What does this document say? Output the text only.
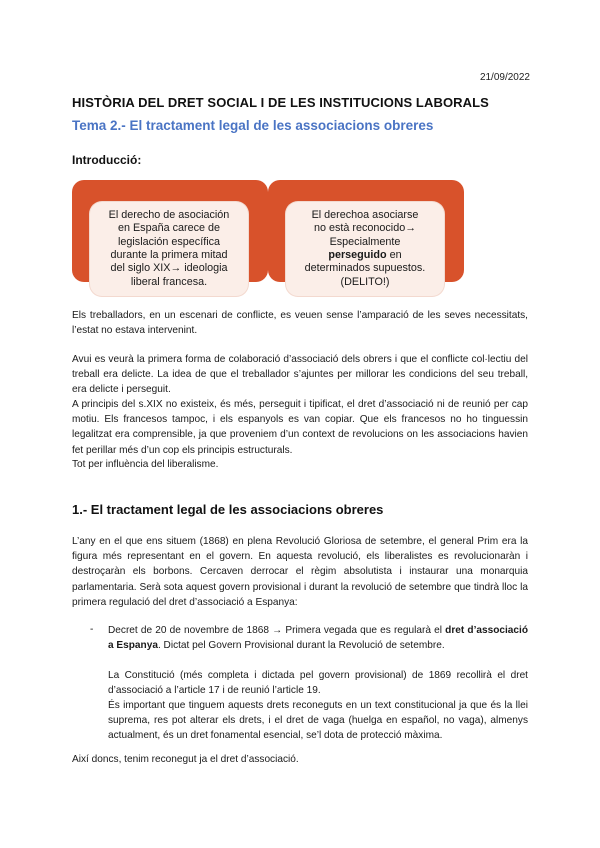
21/09/2022
HISTÒRIA DEL DRET SOCIAL I DE LES INSTITUCIONS LABORALS
Tema 2.- El tractament legal de les associacions obreres
Introducció:

El derecho de asociación
en España carece de
legislación específica
durante la primera mitad
del siglo XIX→ ideologia
liberal francesa.

El derechoa asociarse
no està reconocido→
Especialmente
perseguido en
determinados supuestos.
(DELITO!)

Els treballadors, en un escenari de conflicte, es veuen sense l’amparació de les seves necessitats, l’estat no estava intervenint.

Avui es veurà la primera forma de colaboració d’associació dels obrers i que el conflicte col·lectiu del treball era delicte. La idea de que el treballador s’ajuntes per millorar les condicions del seu treball, era delicte i perseguit.

A principis del s.XIX no existeix, és més, perseguit i tipificat, el dret d’associació ni de reunió per cap motiu. Els francesos tampoc, i els espanyols es van copiar. Que els francesos no ho tinguessin legalitzat era comprensible, ja que proveniem d’un context de revolucions on les associacions havien fet perillar més d’un cop els principis estructurals.

Tot per influència del liberalisme.

1.- El tractament legal de les associacions obreres

L’any en el que ens situem (1868) en plena Revolució Gloriosa de setembre, el general Prim era la figura més representant en el govern. En aquesta revolució, els liberalistes es revolucionaràn i destroçaràn els borbons. Cercaven derrocar el règim absolutista i instaurar una monarquia parlamentaria. Serà sota aquest govern provisional i durant la revolució de setembre que tindrà lloc la primera regulació del dret d’associació a Espanya:

- Decret de 20 de novembre de 1868 → Primera vegada que es regularà el dret d’associació a Espanya. Dictat pel Govern Provisional durant la Revolució de setembre.

La Constitució (més completa i dictada pel govern provisional) de 1869 recollirà el dret d’associació a l’article 17 i de reunió l’article 19.

És important que tinguem aquests drets reconeguts en un text constitucional ja que és la llei suprema, res pot alterar els drets, i el dret de vaga (huelga en español, no vaga), almenys actualment, és un dret fonamental esencial, se’l dota de protecció màxima.

Així doncs, tenim reconegut ja el dret d’associació.
